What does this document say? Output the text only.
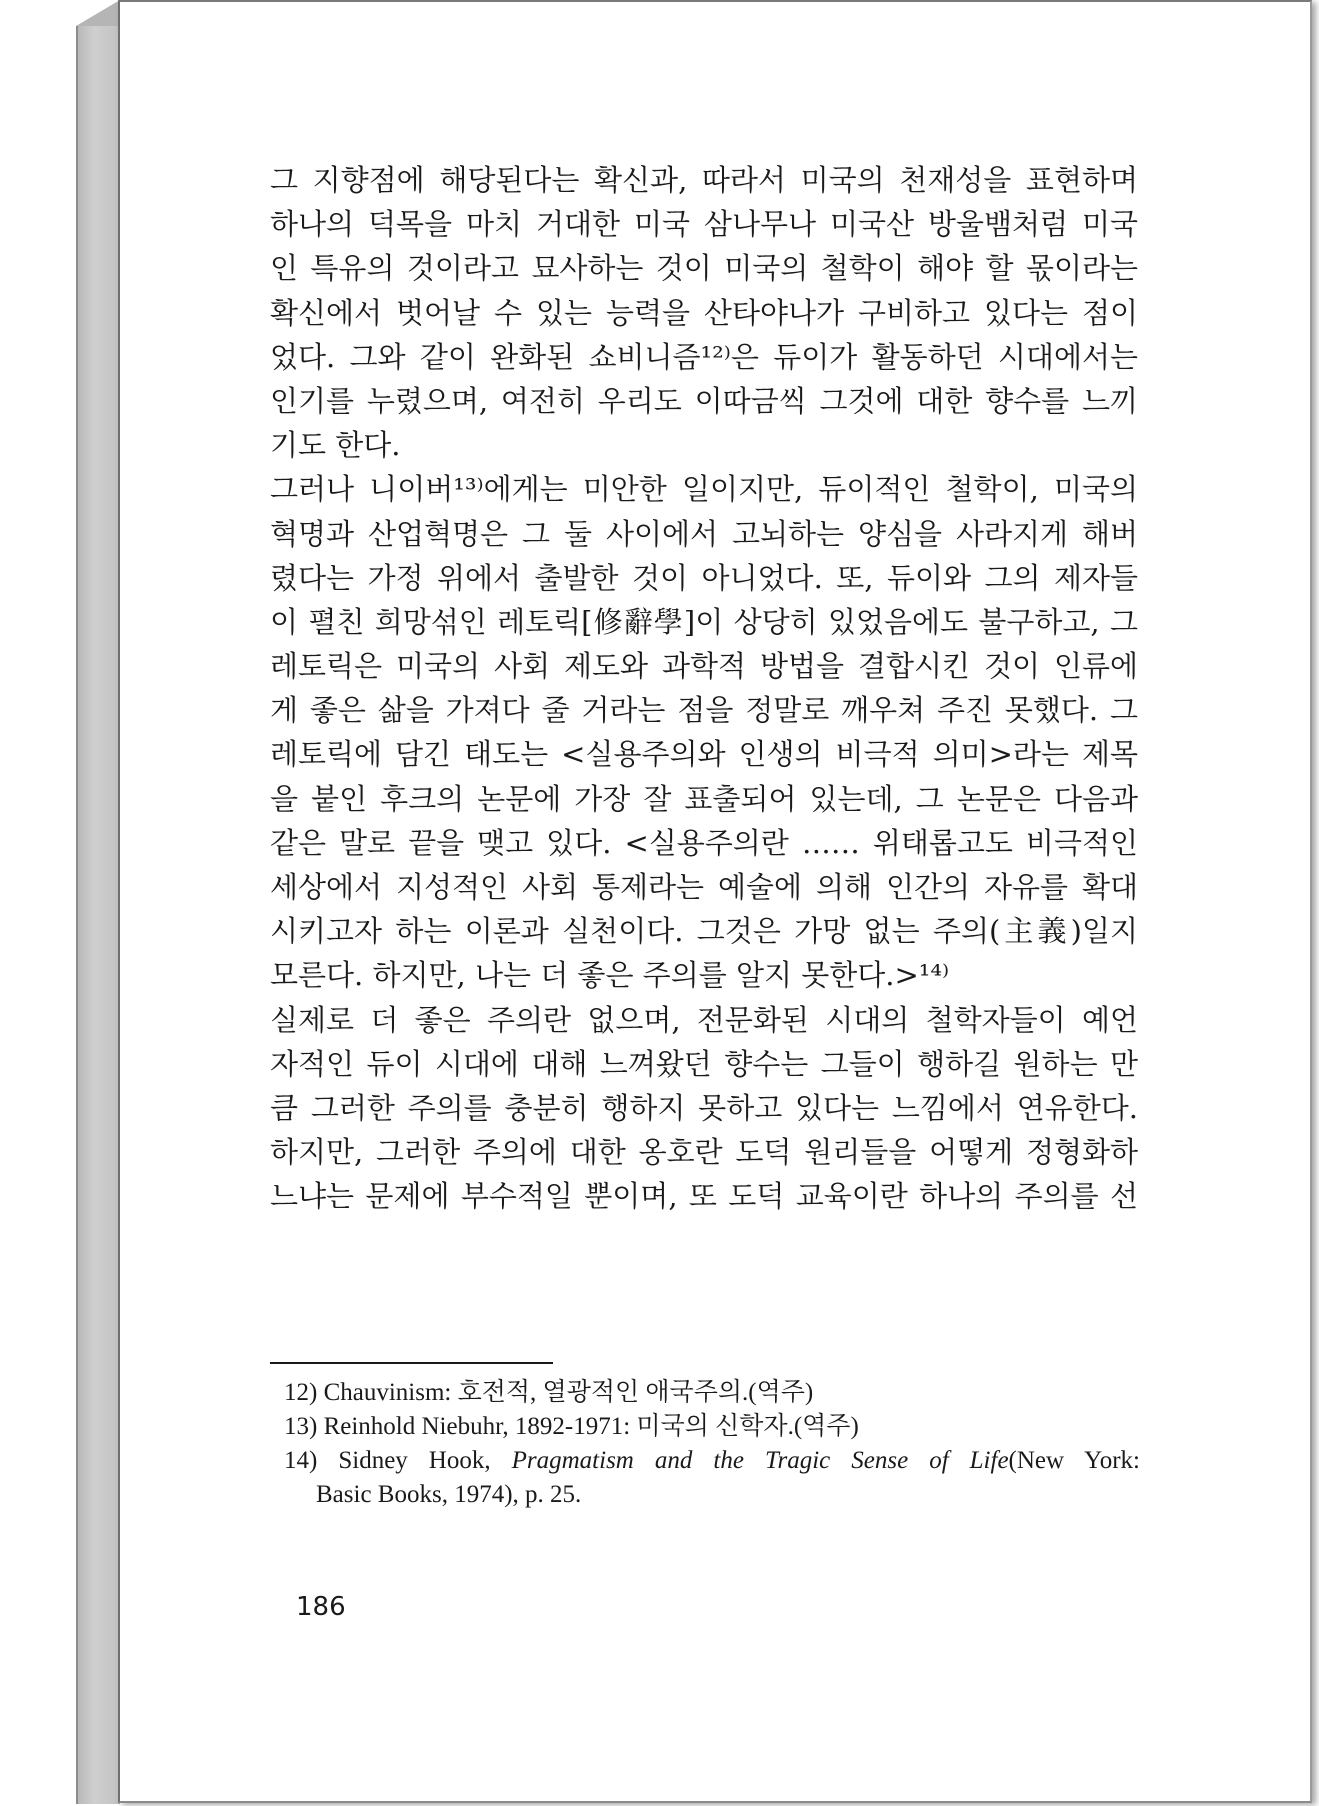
그 지향점에 해당된다는 확신과, 따라서 미국의 천재성을 표현하며
하나의 덕목을 마치 거대한 미국 삼나무나 미국산 방울뱀처럼 미국
인 특유의 것이라고 묘사하는 것이 미국의 철학이 해야 할 몫이라는
확신에서 벗어날 수 있는 능력을 산타야나가 구비하고 있다는 점이
었다. 그와 같이 완화된 쇼비니즘¹²⁾은 듀이가 활동하던 시대에서는
인기를 누렸으며, 여전히 우리도 이따금씩 그것에 대한 향수를 느끼
기도 한다.
그러나 니이버¹³⁾에게는 미안한 일이지만, 듀이적인 철학이, 미국의
혁명과 산업혁명은 그 둘 사이에서 고뇌하는 양심을 사라지게 해버
렸다는 가정 위에서 출발한 것이 아니었다. 또, 듀이와 그의 제자들
이 펼친 희망섞인 레토릭[修辭學]이 상당히 있었음에도 불구하고, 그
레토릭은 미국의 사회 제도와 과학적 방법을 결합시킨 것이 인류에
게 좋은 삶을 가져다 줄 거라는 점을 정말로 깨우쳐 주진 못했다. 그
레토릭에 담긴 태도는 <실용주의와 인생의 비극적 의미>라는 제목
을 붙인 후크의 논문에 가장 잘 표출되어 있는데, 그 논문은 다음과
같은 말로 끝을 맺고 있다. <실용주의란 …… 위태롭고도 비극적인
세상에서 지성적인 사회 통제라는 예술에 의해 인간의 자유를 확대
시키고자 하는 이론과 실천이다. 그것은 가망 없는 주의(主義)일지
모른다. 하지만, 나는 더 좋은 주의를 알지 못한다.>¹⁴⁾
실제로 더 좋은 주의란 없으며, 전문화된 시대의 철학자들이 예언
자적인 듀이 시대에 대해 느껴왔던 향수는 그들이 행하길 원하는 만
큼 그러한 주의를 충분히 행하지 못하고 있다는 느낌에서 연유한다.
하지만, 그러한 주의에 대한 옹호란 도덕 원리들을 어떻게 정형화하
느냐는 문제에 부수적일 뿐이며, 또 도덕 교육이란 하나의 주의를 선
12) Chauvinism: 호전적, 열광적인 애국주의.(역주)
13) Reinhold Niebuhr, 1892-1971: 미국의 신학자.(역주)
14) Sidney Hook, Pragmatism and the Tragic Sense of Life(New York:
Basic Books, 1974), p. 25.
186
